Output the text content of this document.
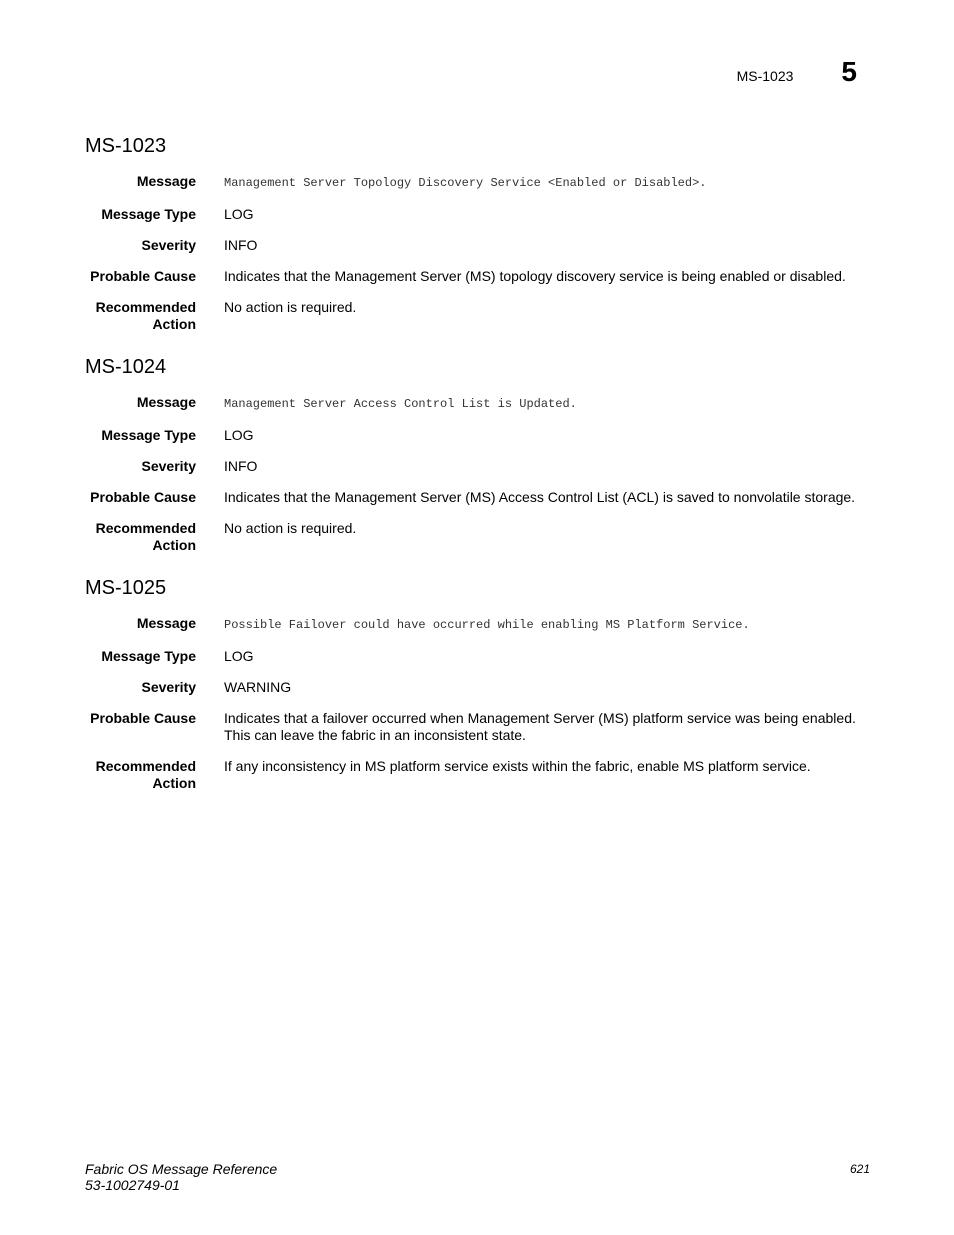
MS-1023 5
MS-1023
Message Management Server Topology Discovery Service <Enabled or Disabled>.
Message Type LOG
Severity INFO
Probable Cause Indicates that the Management Server (MS) topology discovery service is being enabled or disabled.
Recommended Action
No action is required.
MS-1024
Message Management Server Access Control List is Updated.
Message Type LOG
Severity INFO
Probable Cause Indicates that the Management Server (MS) Access Control List (ACL) is saved to nonvolatile storage.
Recommended Action
No action is required.
MS-1025
Message Possible Failover could have occurred while enabling MS Platform Service.
Message Type LOG
Severity WARNING
Probable Cause Indicates that a failover occurred when Management Server (MS) platform service was being enabled. This can leave the fabric in an inconsistent state.
Recommended Action
If any inconsistency in MS platform service exists within the fabric, enable MS platform service.
Fabric OS Message Reference
53-1002749-01
621
